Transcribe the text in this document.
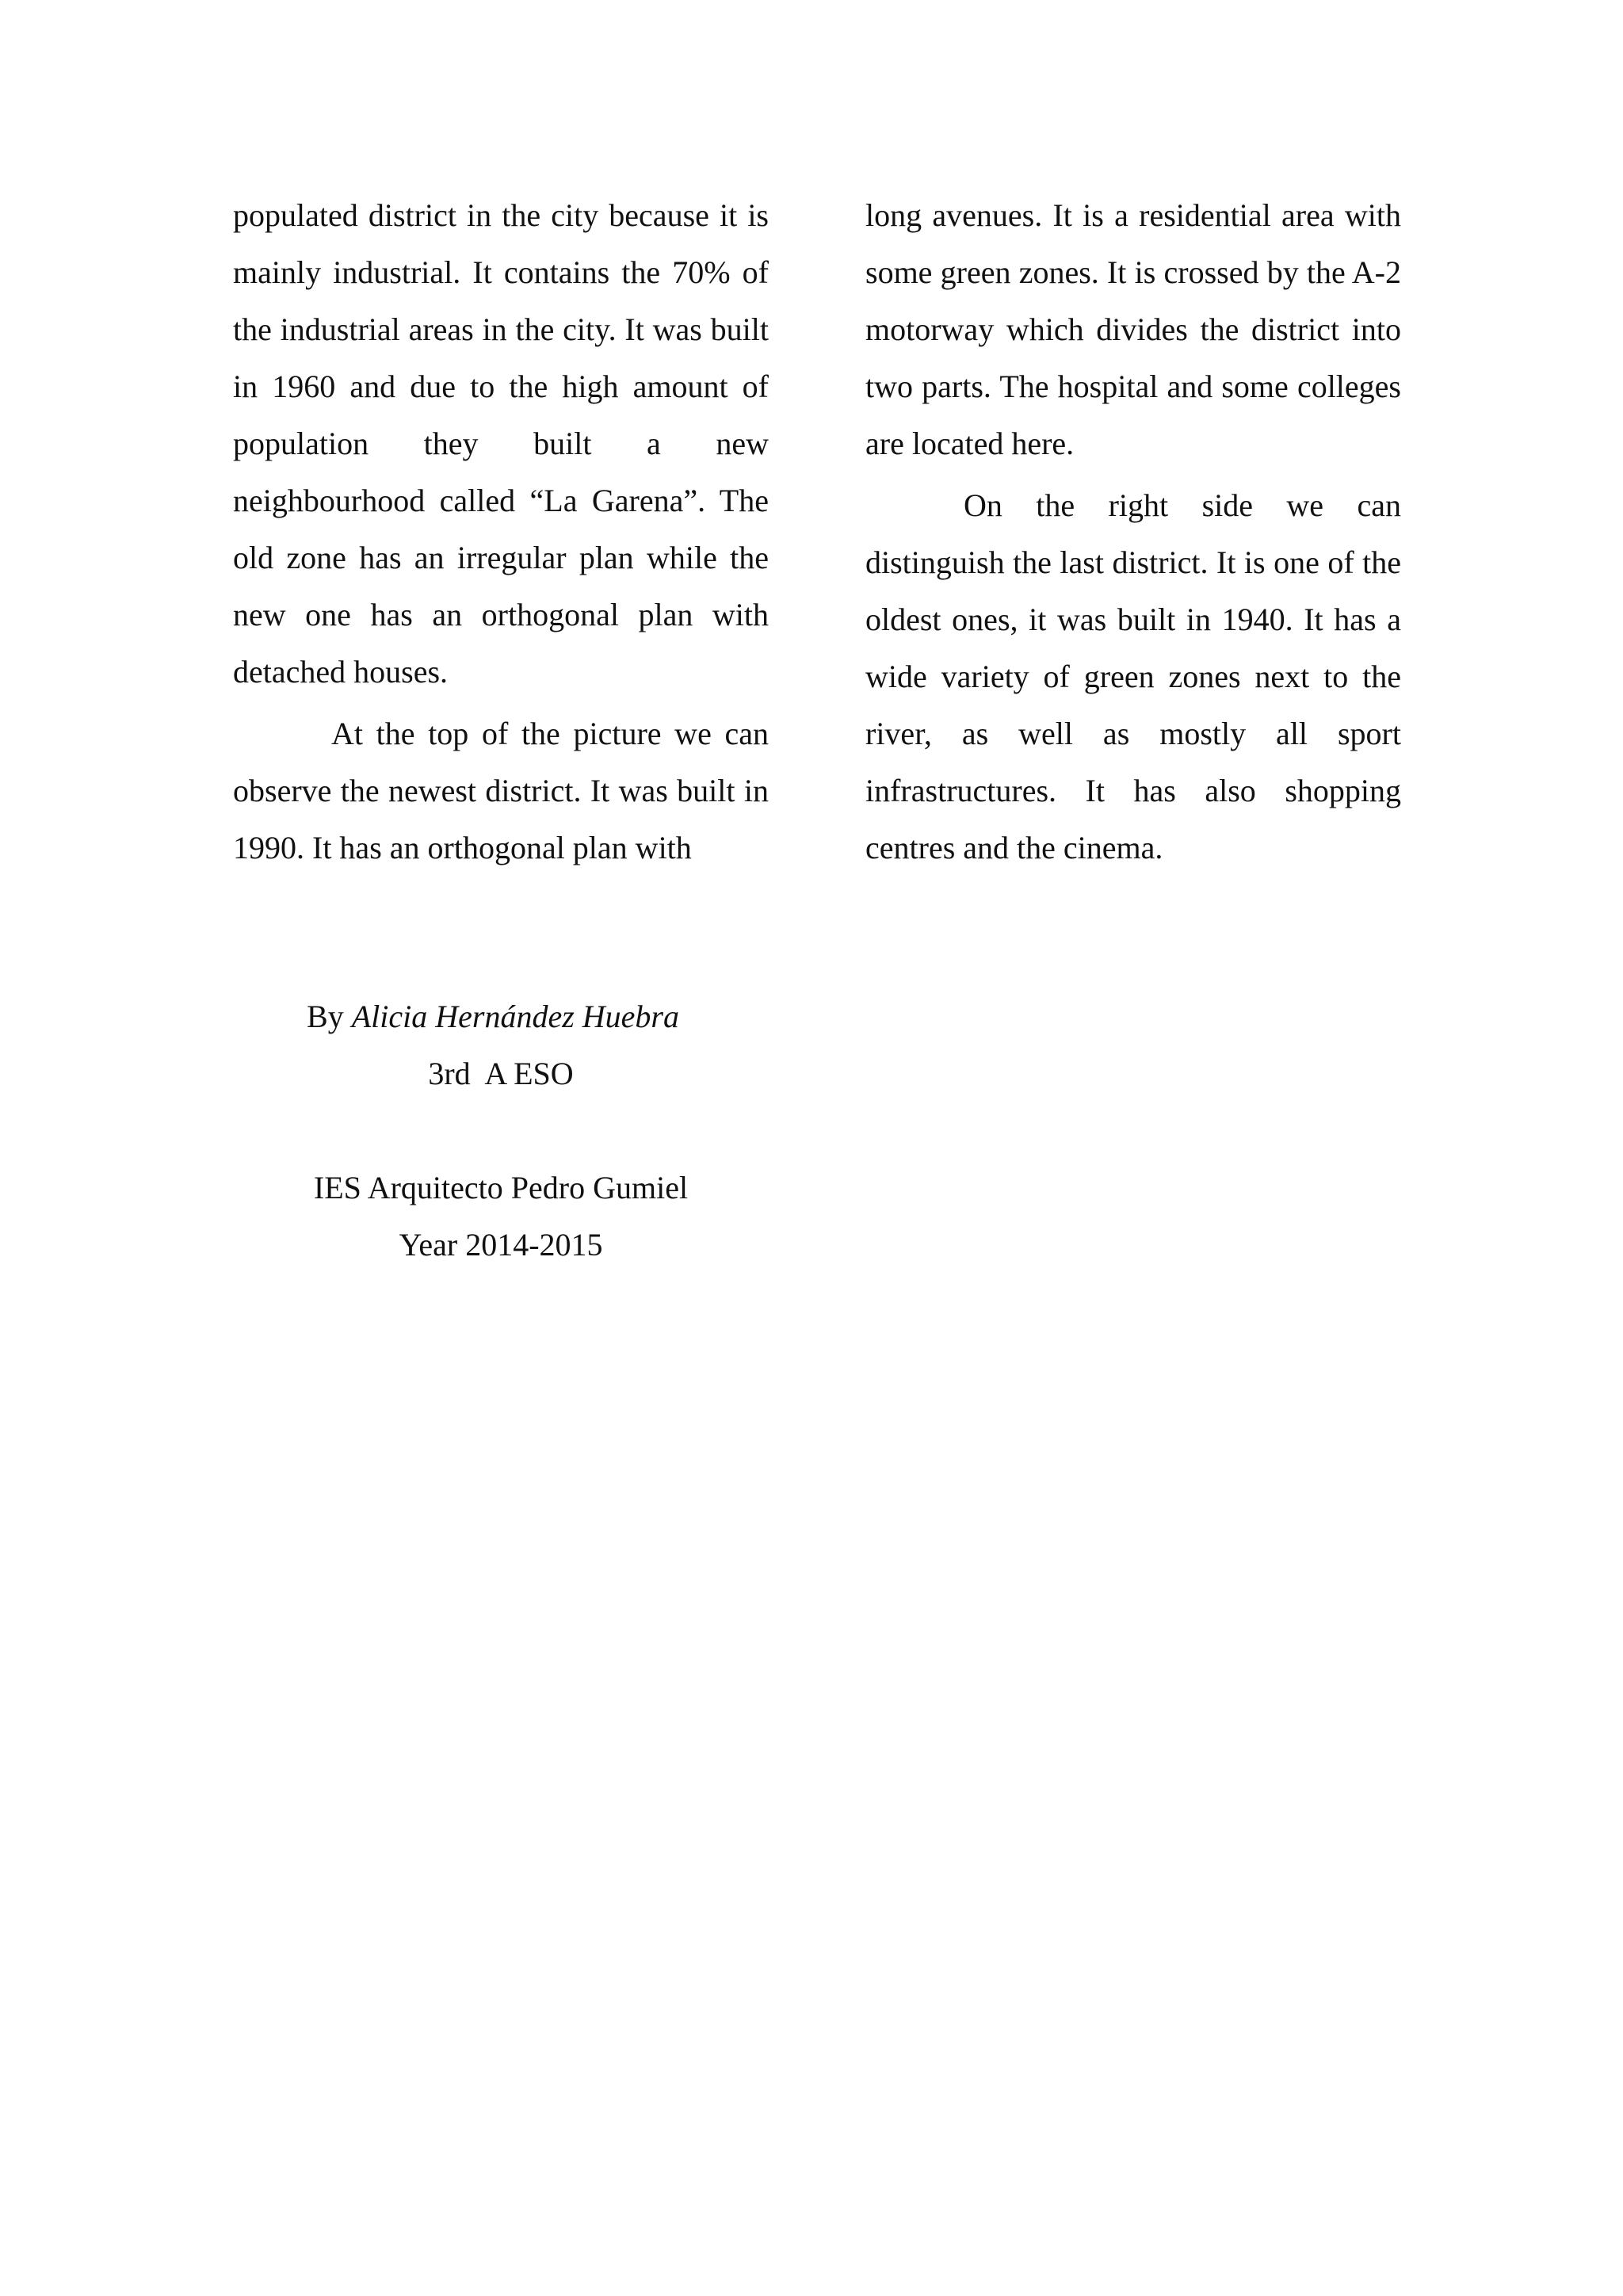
populated district in the city because it is mainly industrial. It contains the 70% of the industrial areas in the city. It was built in 1960 and due to the high amount of population they built a new neighbourhood called “La Garena”. The old zone has an irregular plan while the new one has an orthogonal plan with detached houses.

At the top of the picture we can observe the newest district. It was built in 1990. It has an orthogonal plan with

long avenues. It is a residential area with some green zones. It is crossed by the A-2 motorway which divides the district into two parts. The hospital and some colleges are located here.

On the right side we can distinguish the last district. It is one of the oldest ones, it was built in 1940. It has a wide variety of green zones next to the river, as well as mostly all sport infrastructures. It has also shopping centres and the cinema.

By Alicia Hernández Huebra
3rd  A ESO
IES Arquitecto Pedro Gumiel
Year 2014-2015
